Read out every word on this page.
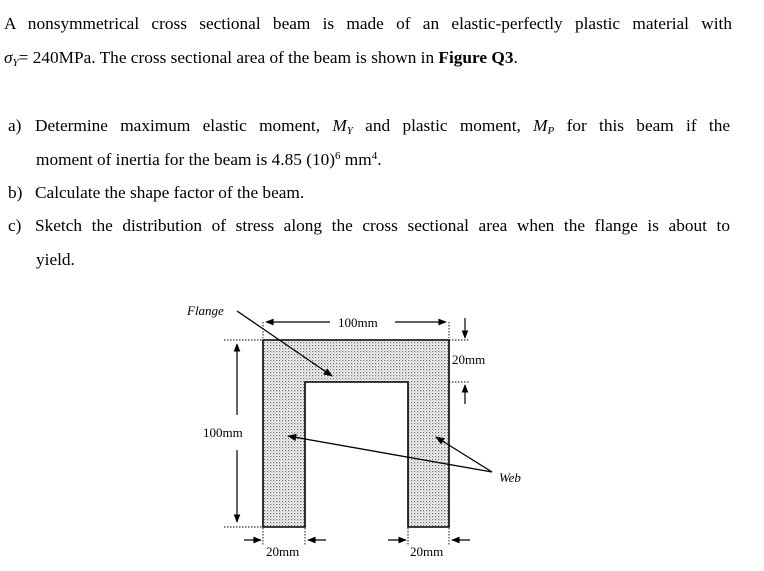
A nonsymmetrical cross sectional beam is made of an elastic-perfectly plastic material with
σY= 240MPa. The cross sectional area of the beam is shown in Figure Q3.
a) Determine maximum elastic moment, MY and plastic moment, MP for this beam if the
moment of inertia for the beam is 4.85 $(10)^6$ $mm^4$.
b) Calculate the shape factor of the beam.
c) Sketch the distribution of stress along the cross sectional area when the flange is about to
yield.
100mm
100mm
20mm
20mm	20mm
Flange
Web
